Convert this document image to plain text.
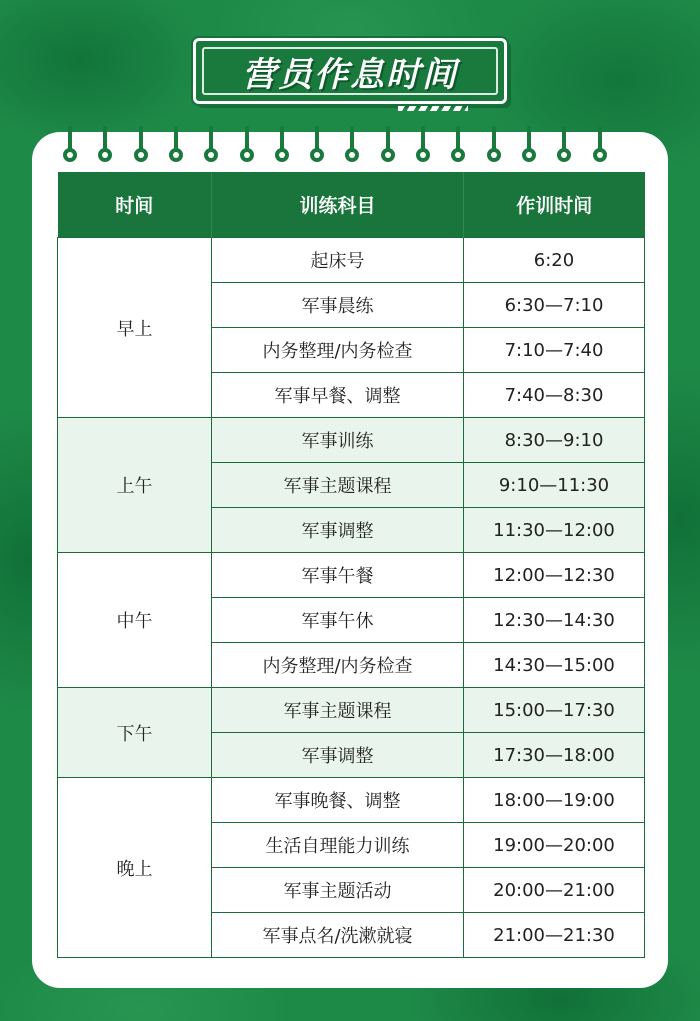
营员作息时间
时间	训练科目	作训时间
早上	起床号	6:20
	军事晨练	6:30—7:10
	内务整理/内务检查	7:10—7:40
	军事早餐、调整	7:40—8:30
上午	军事训练	8:30—9:10
	军事主题课程	9:10—11:30
	军事调整	11:30—12:00
中午	军事午餐	12:00—12:30
	军事午休	12:30—14:30
	内务整理/内务检查	14:30—15:00
下午	军事主题课程	15:00—17:30
	军事调整	17:30—18:00
晚上	军事晚餐、调整	18:00—19:00
	生活自理能力训练	19:00—20:00
	军事主题活动	20:00—21:00
	军事点名/洗漱就寝	21:00—21:30
